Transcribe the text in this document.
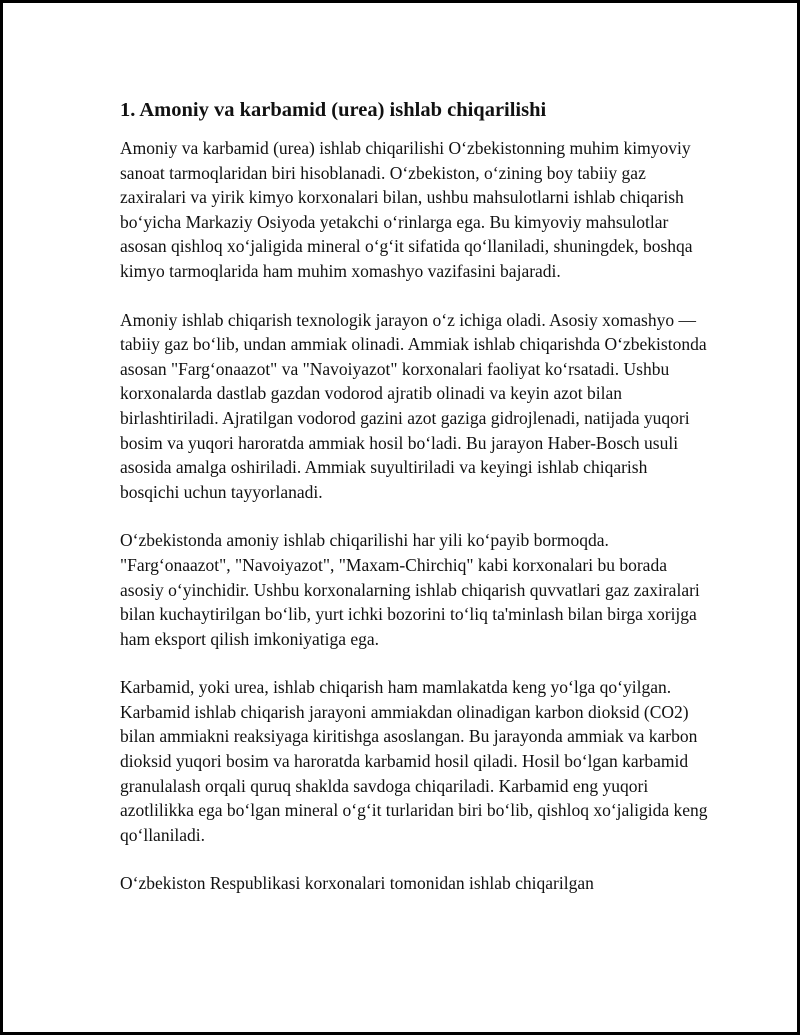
1. Amoniy va karbamid (urea) ishlab chiqarilishi

Amoniy va karbamid (urea) ishlab chiqarilishi O‘zbekistonning muhim kimyoviy sanoat tarmoqlaridan biri hisoblanadi. O‘zbekiston, o‘zining boy tabiiy gaz zaxiralari va yirik kimyo korxonalari bilan, ushbu mahsulotlarni ishlab chiqarish bo‘yicha Markaziy Osiyoda yetakchi o‘rinlarga ega. Bu kimyoviy mahsulotlar asosan qishloq xo‘jaligida mineral o‘g‘it sifatida qo‘llaniladi, shuningdek, boshqa kimyo tarmoqlarida ham muhim xomashyo vazifasini bajaradi.

Amoniy ishlab chiqarish texnologik jarayon o‘z ichiga oladi. Asosiy xomashyo — tabiiy gaz bo‘lib, undan ammiak olinadi. Ammiak ishlab chiqarishda O‘zbekistonda asosan "Farg‘onaazot" va "Navoiyazot" korxonalari faoliyat ko‘rsatadi. Ushbu korxonalarda dastlab gazdan vodorod ajratib olinadi va keyin azot bilan birlashtiriladi. Ajratilgan vodorod gazini azot gaziga gidrojlenadi, natijada yuqori bosim va yuqori haroratda ammiak hosil bo‘ladi. Bu jarayon Haber-Bosch usuli asosida amalga oshiriladi. Ammiak suyultiriladi va keyingi ishlab chiqarish bosqichi uchun tayyorlanadi.

O‘zbekistonda amoniy ishlab chiqarilishi har yili ko‘payib bormoqda. "Farg‘onaazot", "Navoiyazot", "Maxam-Chirchiq" kabi korxonalari bu borada asosiy o‘yinchidir. Ushbu korxonalarning ishlab chiqarish quvvatlari gaz zaxiralari bilan kuchaytirilgan bo‘lib, yurt ichki bozorini to‘liq ta'minlash bilan birga xorijga ham eksport qilish imkoniyatiga ega.

Karbamid, yoki urea, ishlab chiqarish ham mamlakatda keng yo‘lga qo‘yilgan. Karbamid ishlab chiqarish jarayoni ammiakdan olinadigan karbon dioksid (CO2) bilan ammiakni reaksiyaga kiritishga asoslangan. Bu jarayonda ammiak va karbon dioksid yuqori bosim va haroratda karbamid hosil qiladi. Hosil bo‘lgan karbamid granulalash orqali quruq shaklda savdoga chiqariladi. Karbamid eng yuqori azotlilikka ega bo‘lgan mineral o‘g‘it turlaridan biri bo‘lib, qishloq xo‘jaligida keng qo‘llaniladi.

O‘zbekiston Respublikasi korxonalari tomonidan ishlab chiqarilgan
